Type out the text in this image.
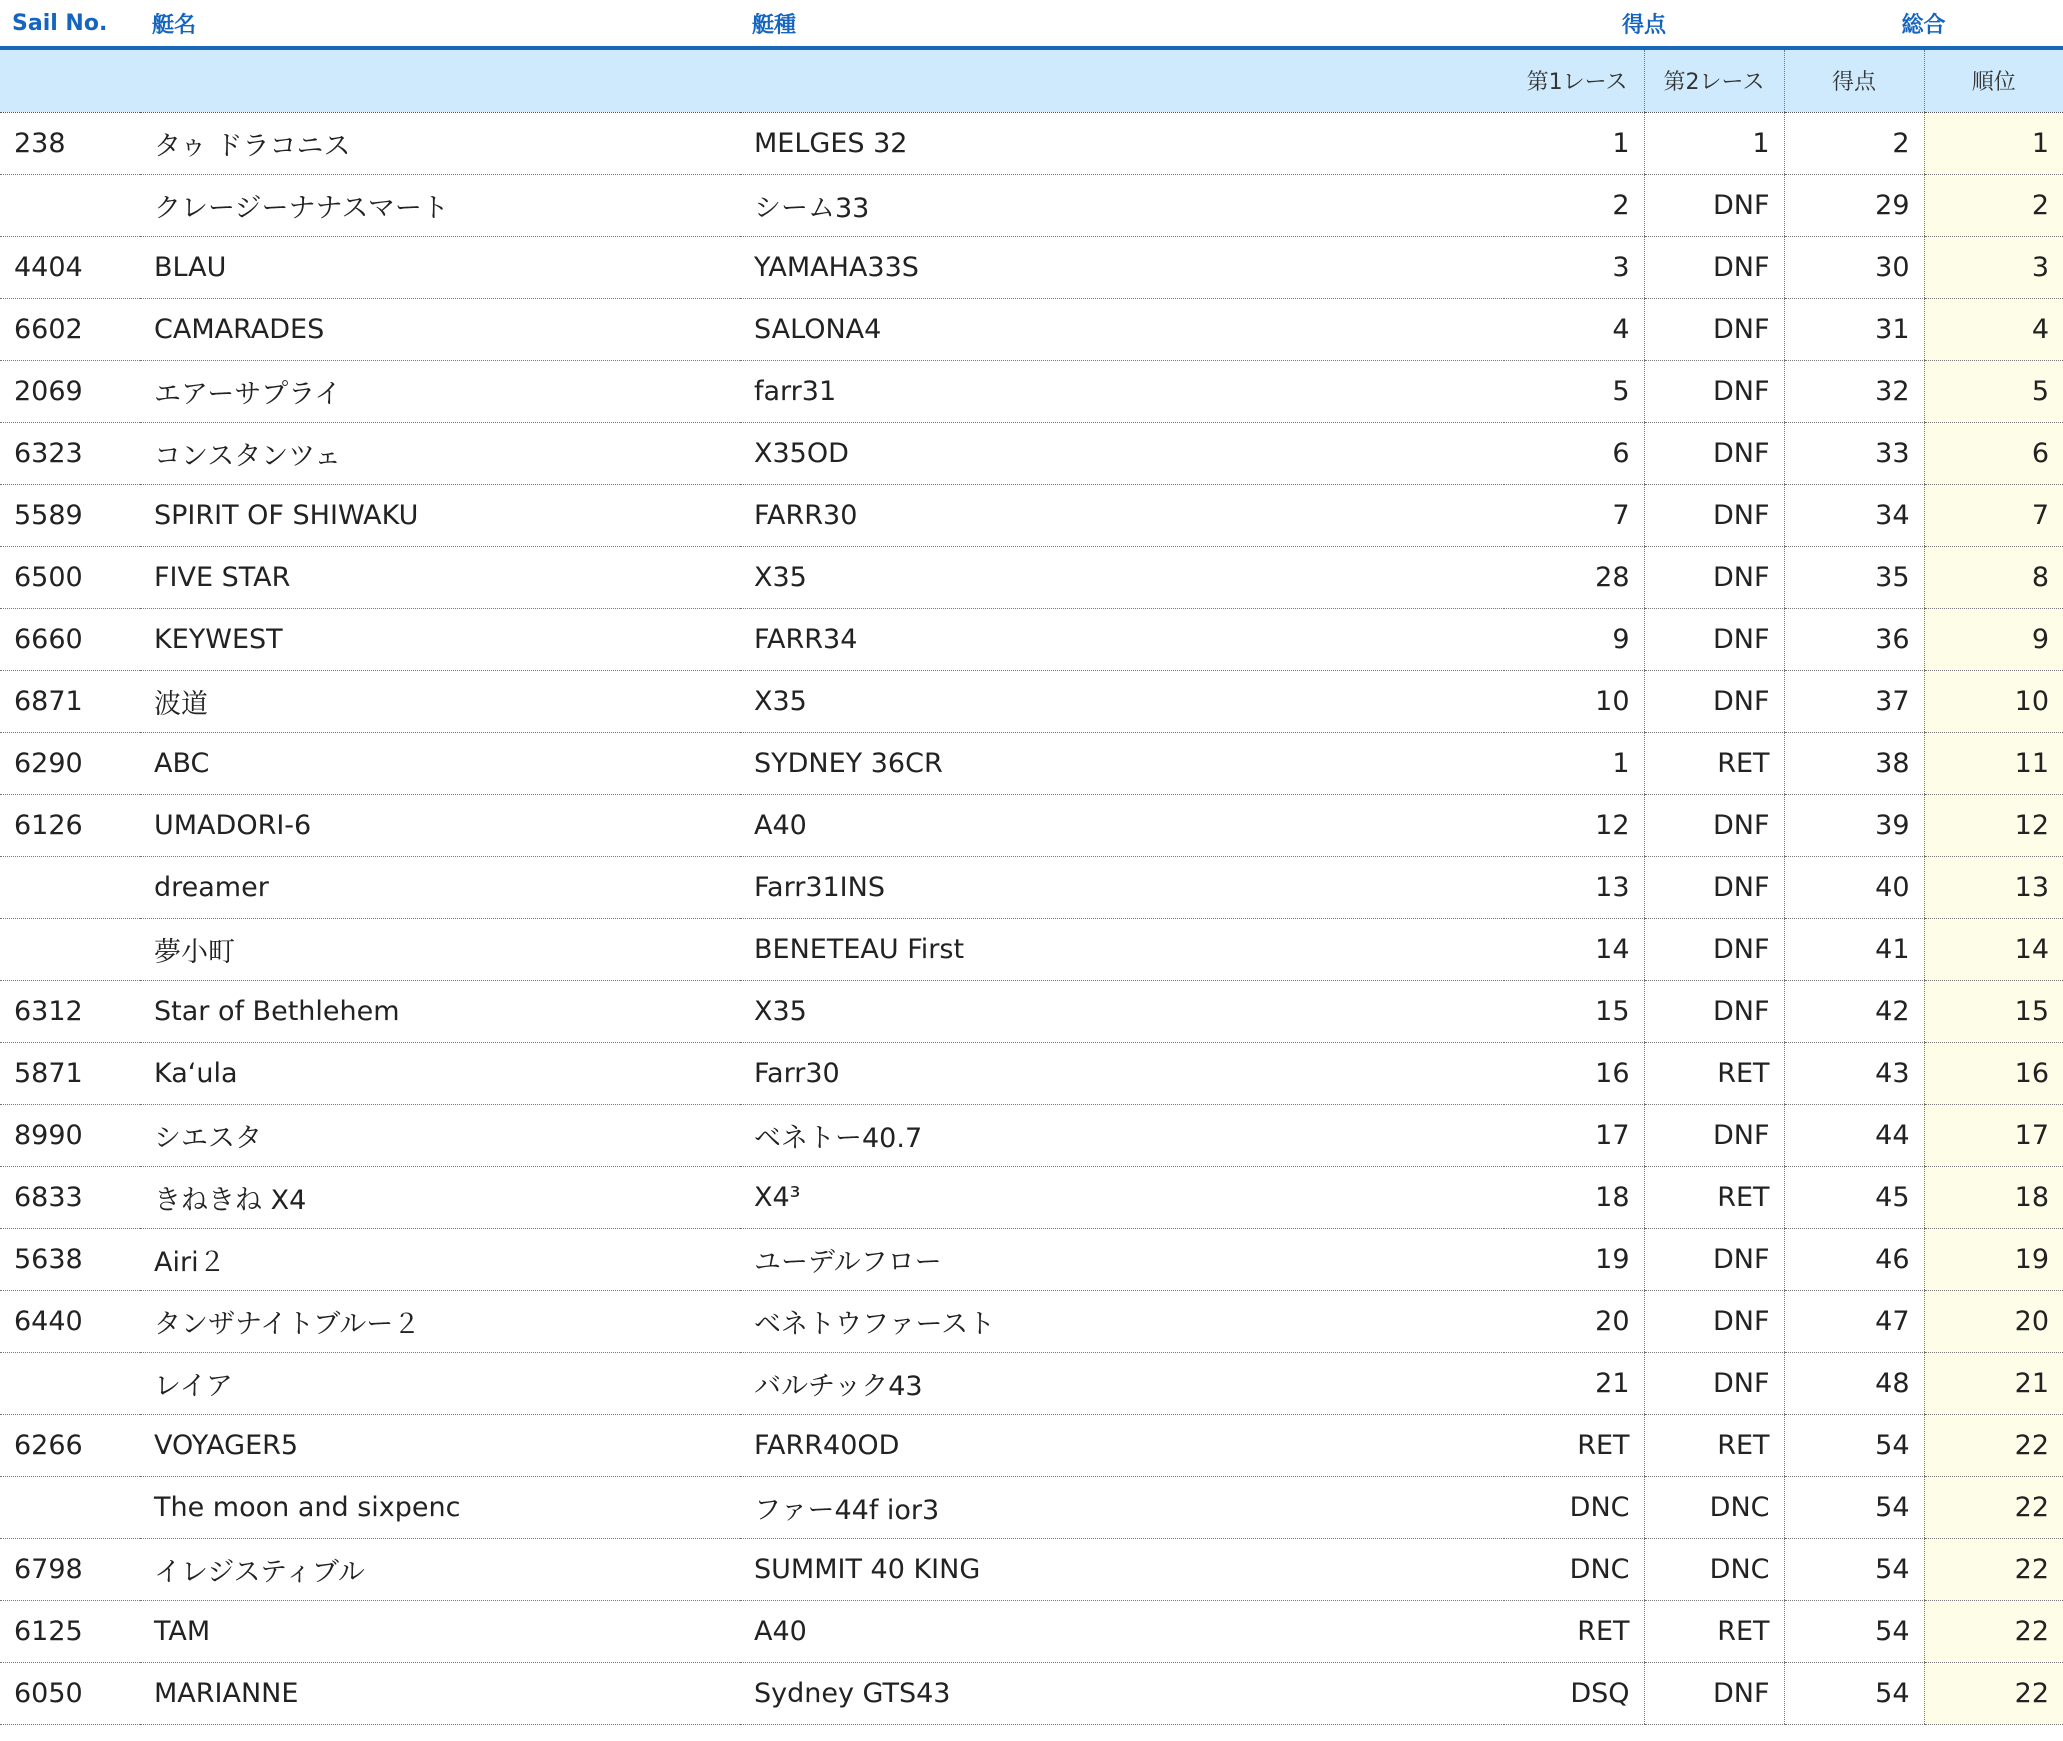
Sail No.	艇名	艇種	得点		総合	
			第1レース	第2レース	得点	順位
238	タゥ ドラコニス	MELGES 32	1	1	2	1
	クレージーナナスマート	シーム33	2	DNF	29	2
4404	BLAU	YAMAHA33S	3	DNF	30	3
6602	CAMARADES	SALONA4	4	DNF	31	4
2069	エアーサプライ	farr31	5	DNF	32	5
6323	コンスタンツェ	X35OD	6	DNF	33	6
5589	SPIRIT OF SHIWAKU	FARR30	7	DNF	34	7
6500	FIVE STAR	X35	28	DNF	35	8
6660	KEYWEST	FARR34	9	DNF	36	9
6871	波道	X35	10	DNF	37	10
6290	ABC	SYDNEY 36CR	1	RET	38	11
6126	UMADORI-6	A40	12	DNF	39	12
	dreamer	Farr31INS	13	DNF	40	13
	夢小町	BENETEAU First	14	DNF	41	14
6312	Star of Bethlehem	X35	15	DNF	42	15
5871	Ka‘ula	Farr30	16	RET	43	16
8990	シエスタ	ベネトー40.7	17	DNF	44	17
6833	きねきね X4	X4³	18	RET	45	18
5638	Airi２	ユーデルフロー	19	DNF	46	19
6440	タンザナイトブルー２	ベネトウファースト	20	DNF	47	20
	レイア	バルチック43	21	DNF	48	21
6266	VOYAGER5	FARR40OD	RET	RET	54	22
	The moon and sixpenc	ファー44f ior3	DNC	DNC	54	22
6798	イレジスティブル	SUMMIT 40 KING	DNC	DNC	54	22
6125	TAM	A40	RET	RET	54	22
6050	MARIANNE	Sydney GTS43	DSQ	DNF	54	22
